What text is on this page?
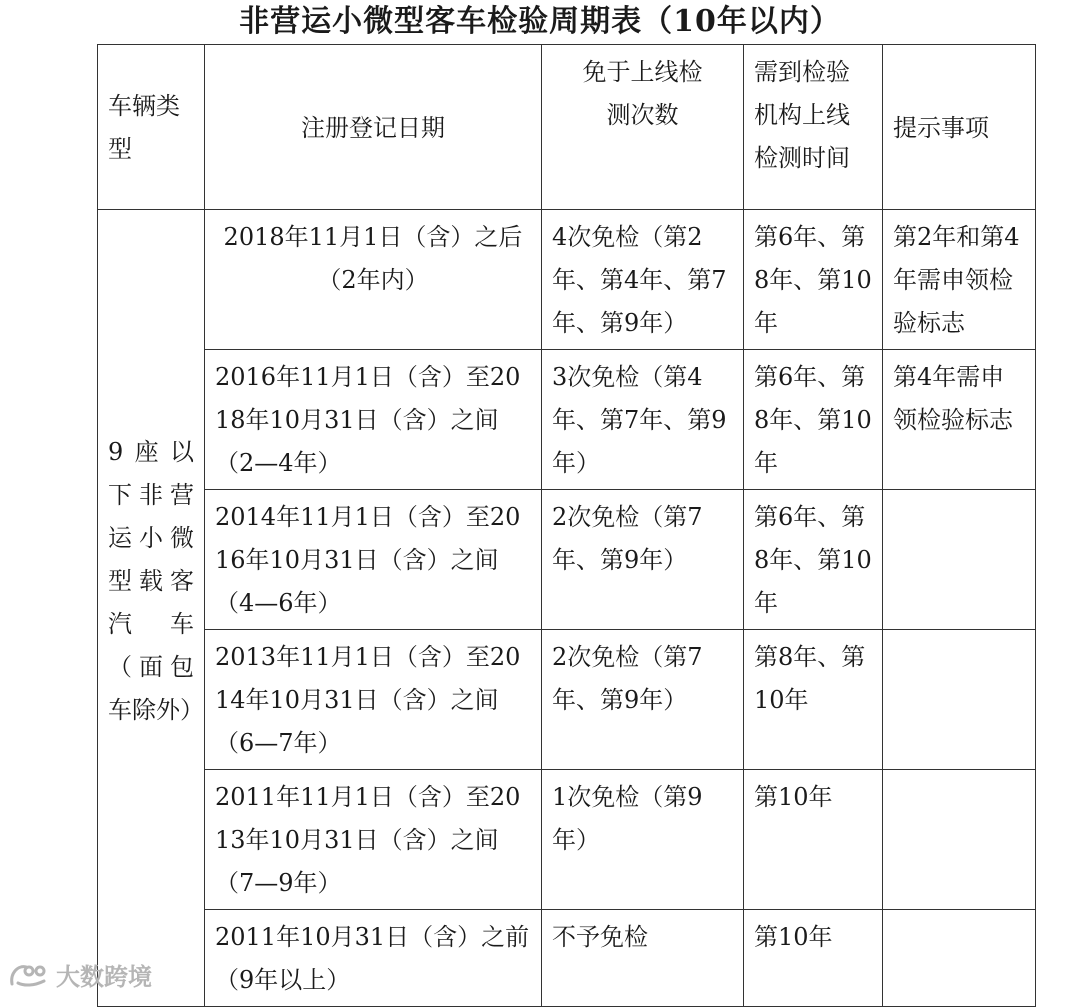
非营运小微型客车检验周期表（10年以内）
车辆类型	注册登记日期	免于上线检测次数	需到检验机构上线检测时间	提示事项
9座以下非营运小微型载客汽车（面包车除外）	2018年11月1日（含）之后（2年内）	4次免检（第2年、第4年、第7年、第9年）	第6年、第8年、第10年	第2年和第4年需申领检验标志
	2016年11月1日（含）至2018年10月31日（含）之间（2—4年）	3次免检（第4年、第7年、第9年）	第6年、第8年、第10年	第4年需申领检验标志
	2014年11月1日（含）至2016年10月31日（含）之间（4—6年）	2次免检（第7年、第9年）	第6年、第8年、第10年	
	2013年11月1日（含）至2014年10月31日（含）之间（6—7年）	2次免检（第7年、第9年）	第8年、第10年	
	2011年11月1日（含）至2013年10月31日（含）之间（7—9年）	1次免检（第9年）	第10年	
	2011年10月31日（含）之前（9年以上）	不予免检	第10年	
大数跨境
